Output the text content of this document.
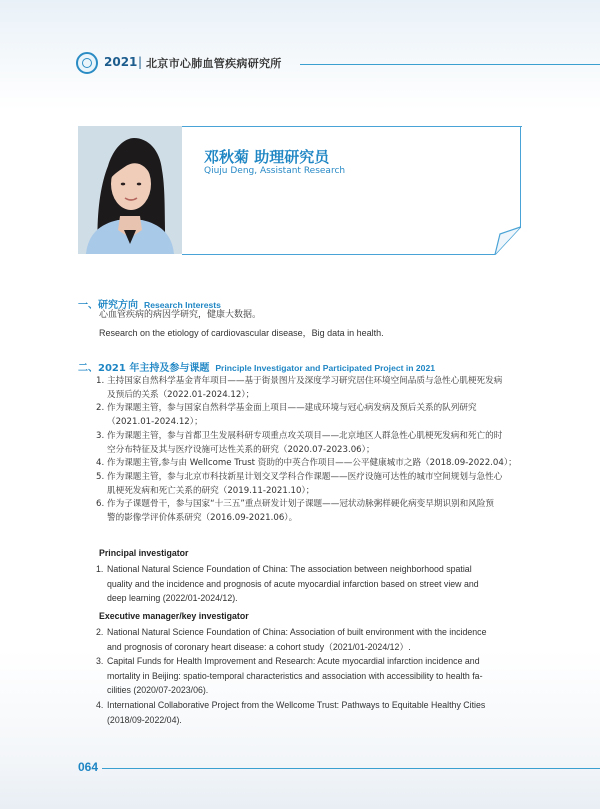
2021 | 北京市心肺血管疾病研究所
邓秋菊 助理研究员
Qiuju Deng, Assistant Research
一、研究方向 Research Interests
心血管疾病的病因学研究，健康大数据。
Research on the etiology of cardiovascular disease，Big data in health.
二、2021 年主持及参与课题 Principle Investigator and Participated Project in 2021
1. 主持国家自然科学基金青年项目——基于街景图片及深度学习研究居住环境空间品质与急性心肌梗死发病
及预后的关系（2022.01-2024.12）；
2. 作为课题主管，参与国家自然科学基金面上项目——建成环境与冠心病发病及预后关系的队列研究
（2021.01-2024.12）；
3. 作为课题主管，参与首都卫生发展科研专项重点攻关项目——北京地区人群急性心肌梗死发病和死亡的时
空分布特征及其与医疗设施可达性关系的研究（2020.07-2023.06）；
4. 作为课题主管,参与由 Wellcome Trust 资助的中英合作项目——公平健康城市之路（2018.09-2022.04）；
5. 作为课题主管，参与北京市科技新星计划交叉学科合作课题——医疗设施可达性的城市空间规划与急性心
肌梗死发病和死亡关系的研究（2019.11-2021.10）；
6. 作为子课题骨干，参与国家“十三五”重点研发计划子课题——冠状动脉粥样硬化病变早期识别和风险预
警的影像学评价体系研究（2016.09-2021.06）。
Principal investigator
1. National Natural Science Foundation of China: The association between neighborhood spatial
quality and the incidence and prognosis of acute myocardial infarction based on street view and
deep learning (2022/01-2024/12).
Executive manager/key investigator
2. National Natural Science Foundation of China: Association of built environment with the incidence
and prognosis of coronary heart disease: a cohort study（2021/01-2024/12）.
3. Capital Funds for Health Improvement and Research: Acute myocardial infarction incidence and
mortality in Beijing: spatio-temporal characteristics and association with accessibility to health fa-
cilities (2020/07-2023/06).
4. International Collaborative Project from the Wellcome Trust: Pathways to Equitable Healthy Cities
(2018/09-2022/04).
064
